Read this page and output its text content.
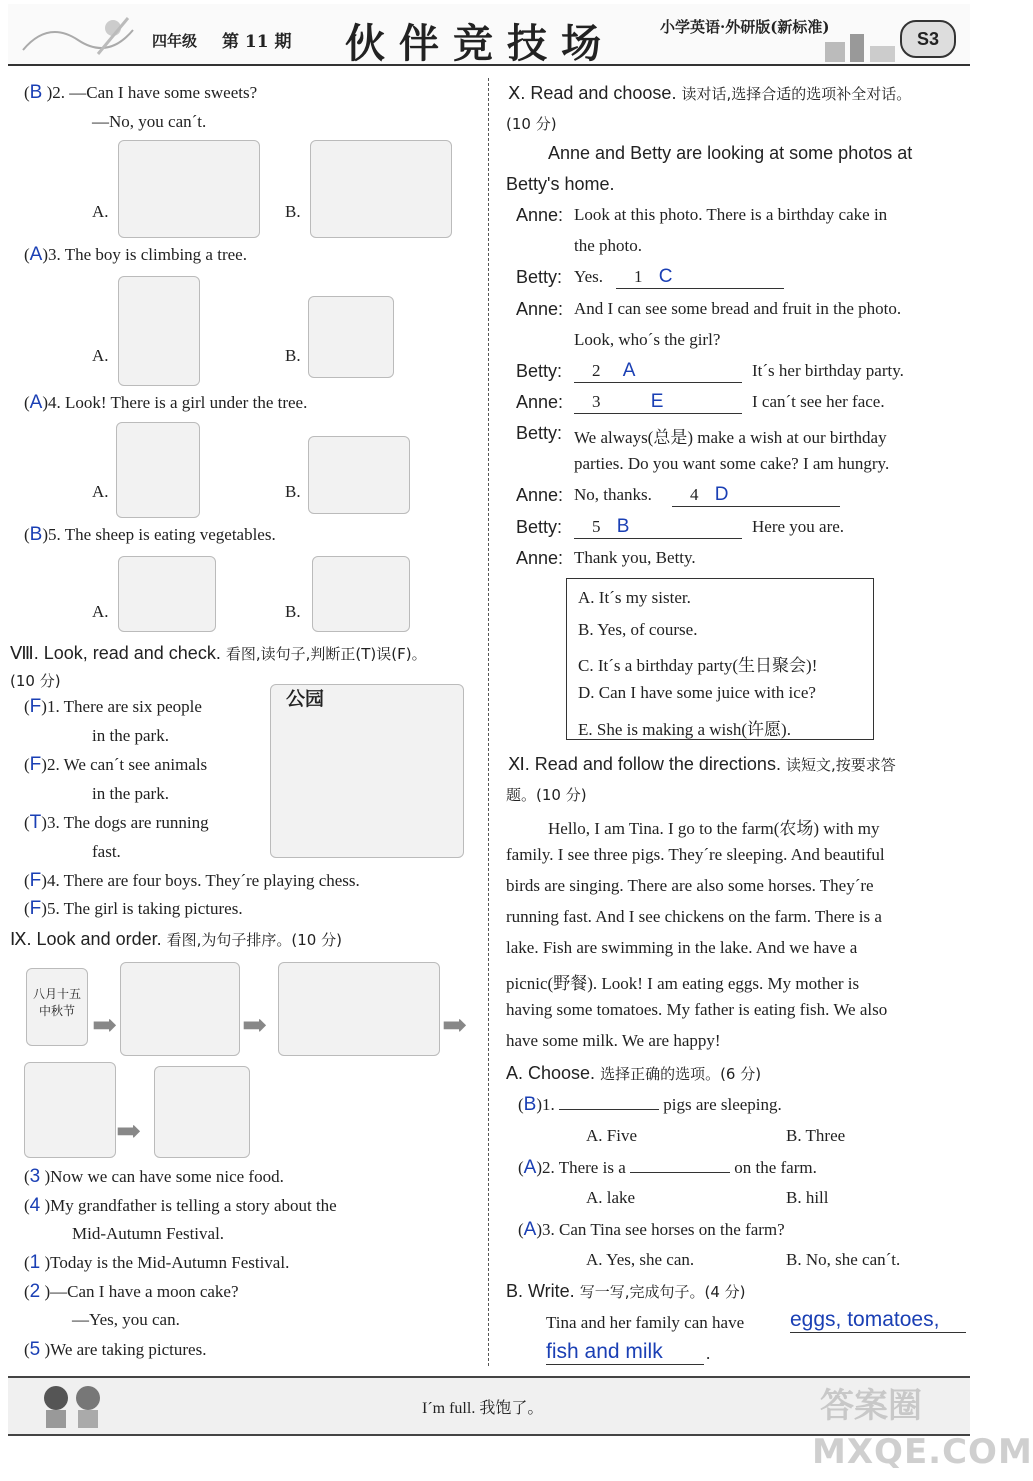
四年级 第 11 期 伙伴竞技场	小学英语·外研版(新标准)
S3
(B )2. —Can I have some sweets?
—No, you can´t.
A.	B.
(A)3. The boy is climbing a tree.
A.	B.
(A)4. Look! There is a girl under the tree.
A.	B.
(B)5. The sheep is eating vegetables.
A.	B.
Ⅷ. Look, read and check. 看图,读句子,判断正(T)误(F)。
(10 分)
公园
(F)1. There are six people
in the park.
(F)2. We can´t see animals
in the park.
(T)3. The dogs are running
fast.
(F)4. There are four boys. They´re playing chess.
(F)5. The girl is taking pictures.
Ⅸ. Look and order. 看图,为句子排序。(10 分)
八月十五
中秋节 ➡	➡	➡
➡
(3 )Now we can have some nice food.
(4 )My grandfather is telling a story about the
Mid-Autumn Festival.
(1 )Today is the Mid-Autumn Festival.
(2 )—Can I have a moon cake?
—Yes, you can.
(5 )We are taking pictures.
Ⅹ. Read and choose. 读对话,选择合适的选项补全对话。
(10 分)
Anne and Betty are looking at some photos at
Betty's home.
Anne: Look at this photo. There is a birthday cake in
the photo.
Betty: Yes.	1 C
Anne: And I can see some bread and fruit in the photo.
Look, who´s the girl?
Betty:	2 A	It´s her birthday party.
Anne:	3	E	I can´t see her face.
Betty: We always(总是) make a wish at our birthday
parties. Do you want some cake? I am hungry.
Anne: No, thanks.	4 D
Betty:	5 B	Here you are.
Anne: Thank you, Betty.
A. It´s my sister.
B. Yes, of course.
C. It´s a birthday party(生日聚会)!
D. Can I have some juice with ice?
E. She is making a wish(许愿).
Ⅺ. Read and follow the directions. 读短文,按要求答
题。(10 分)
Hello, I am Tina. I go to the farm(农场) with my
family. I see three pigs. They´re sleeping. And beautiful
birds are singing. There are also some horses. They´re
running fast. And I see chickens on the farm. There is a
lake. Fish are swimming in the lake. And we have a
picnic(野餐). Look! I am eating eggs. My mother is
having some tomatoes. My father is eating fish. We also
have some milk. We are happy!
A. Choose. 选择正确的选项。(6 分)
(B)1.	pigs are sleeping.
A. Five	B. Three
(A)2. There is a	on the farm.
A. lake	B. hill
(A)3. Can Tina see horses on the farm?
A. Yes, she can.	B. No, she can´t.
B. Write. 写一写,完成句子。(4 分)
Tina and her family can have eggs, tomatoes,
fish and milk	.
I´m full. 我饱了。	答案圈
MXQE.COM
